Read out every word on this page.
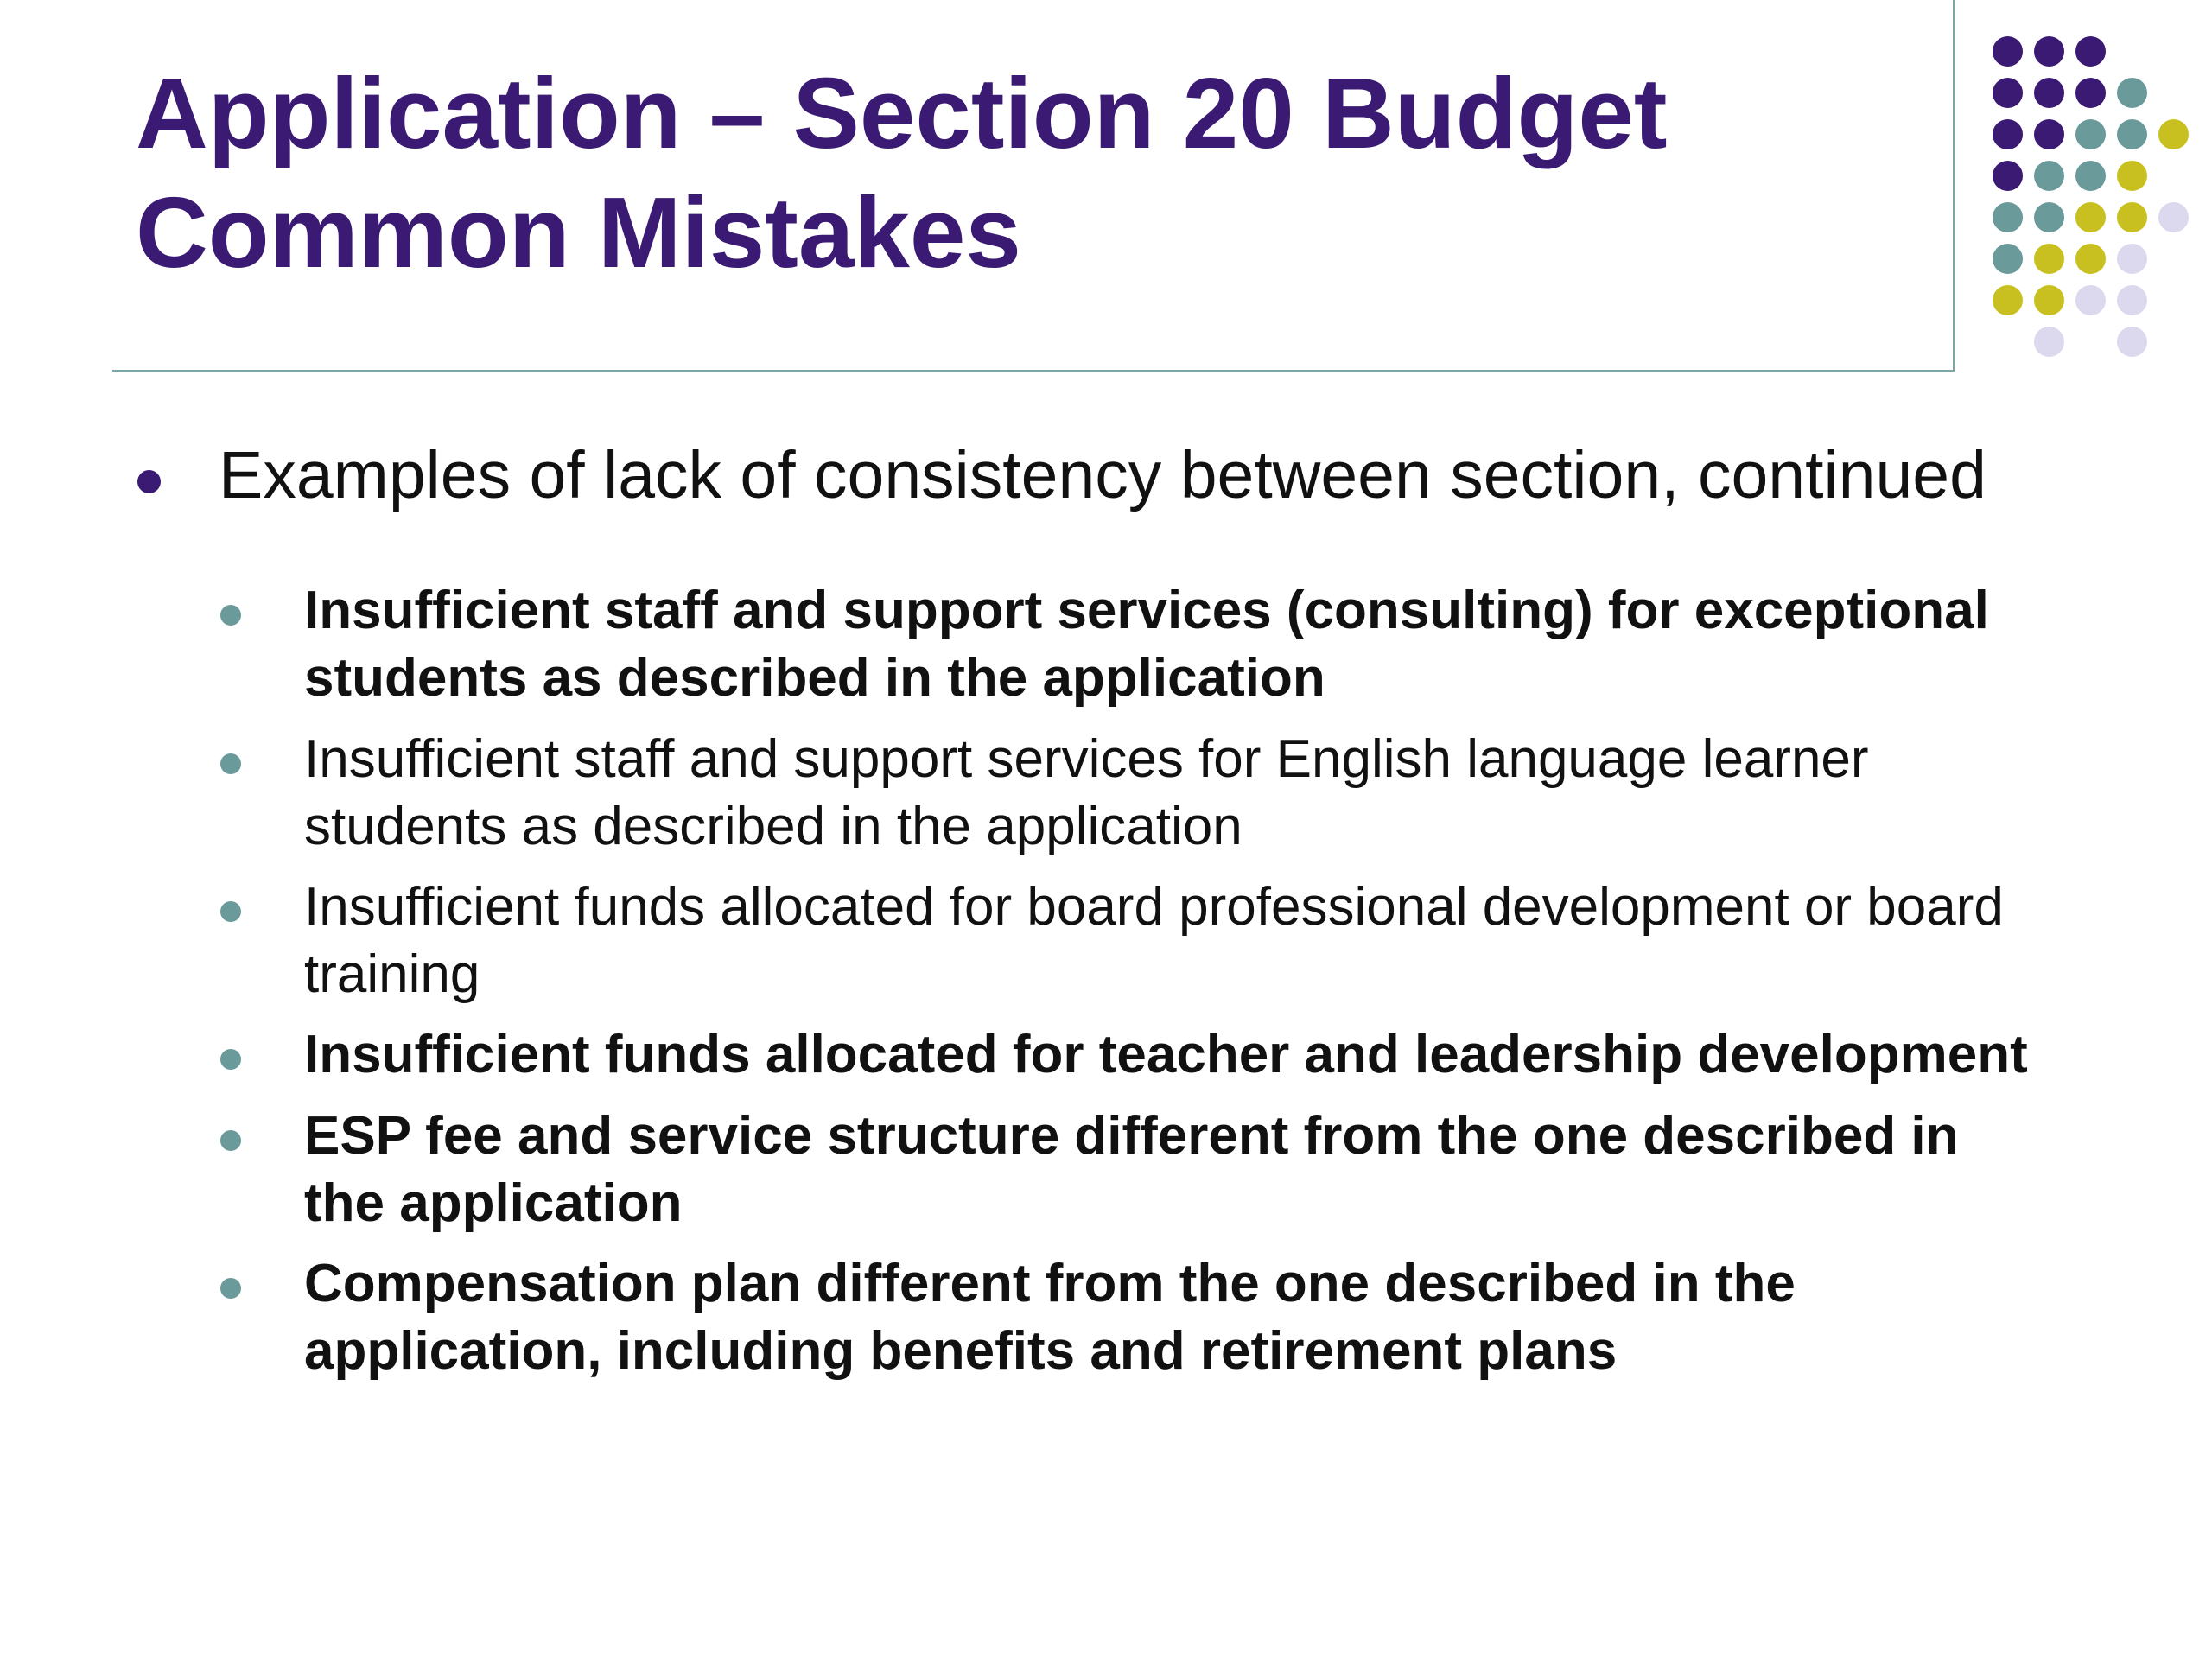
Application – Section 20 Budget
Common Mistakes
Examples of lack of consistency between section, continued
Insufficient staff and support services (consulting) for exceptional
students as described in the application
Insufficient staff and support services for English language learner
students as described in the application
Insufficient funds allocated for board professional development or board
training
Insufficient funds allocated for teacher and leadership development
ESP fee and service structure different from the one described in
the application
Compensation plan different from the one described in the
application, including benefits and retirement plans
